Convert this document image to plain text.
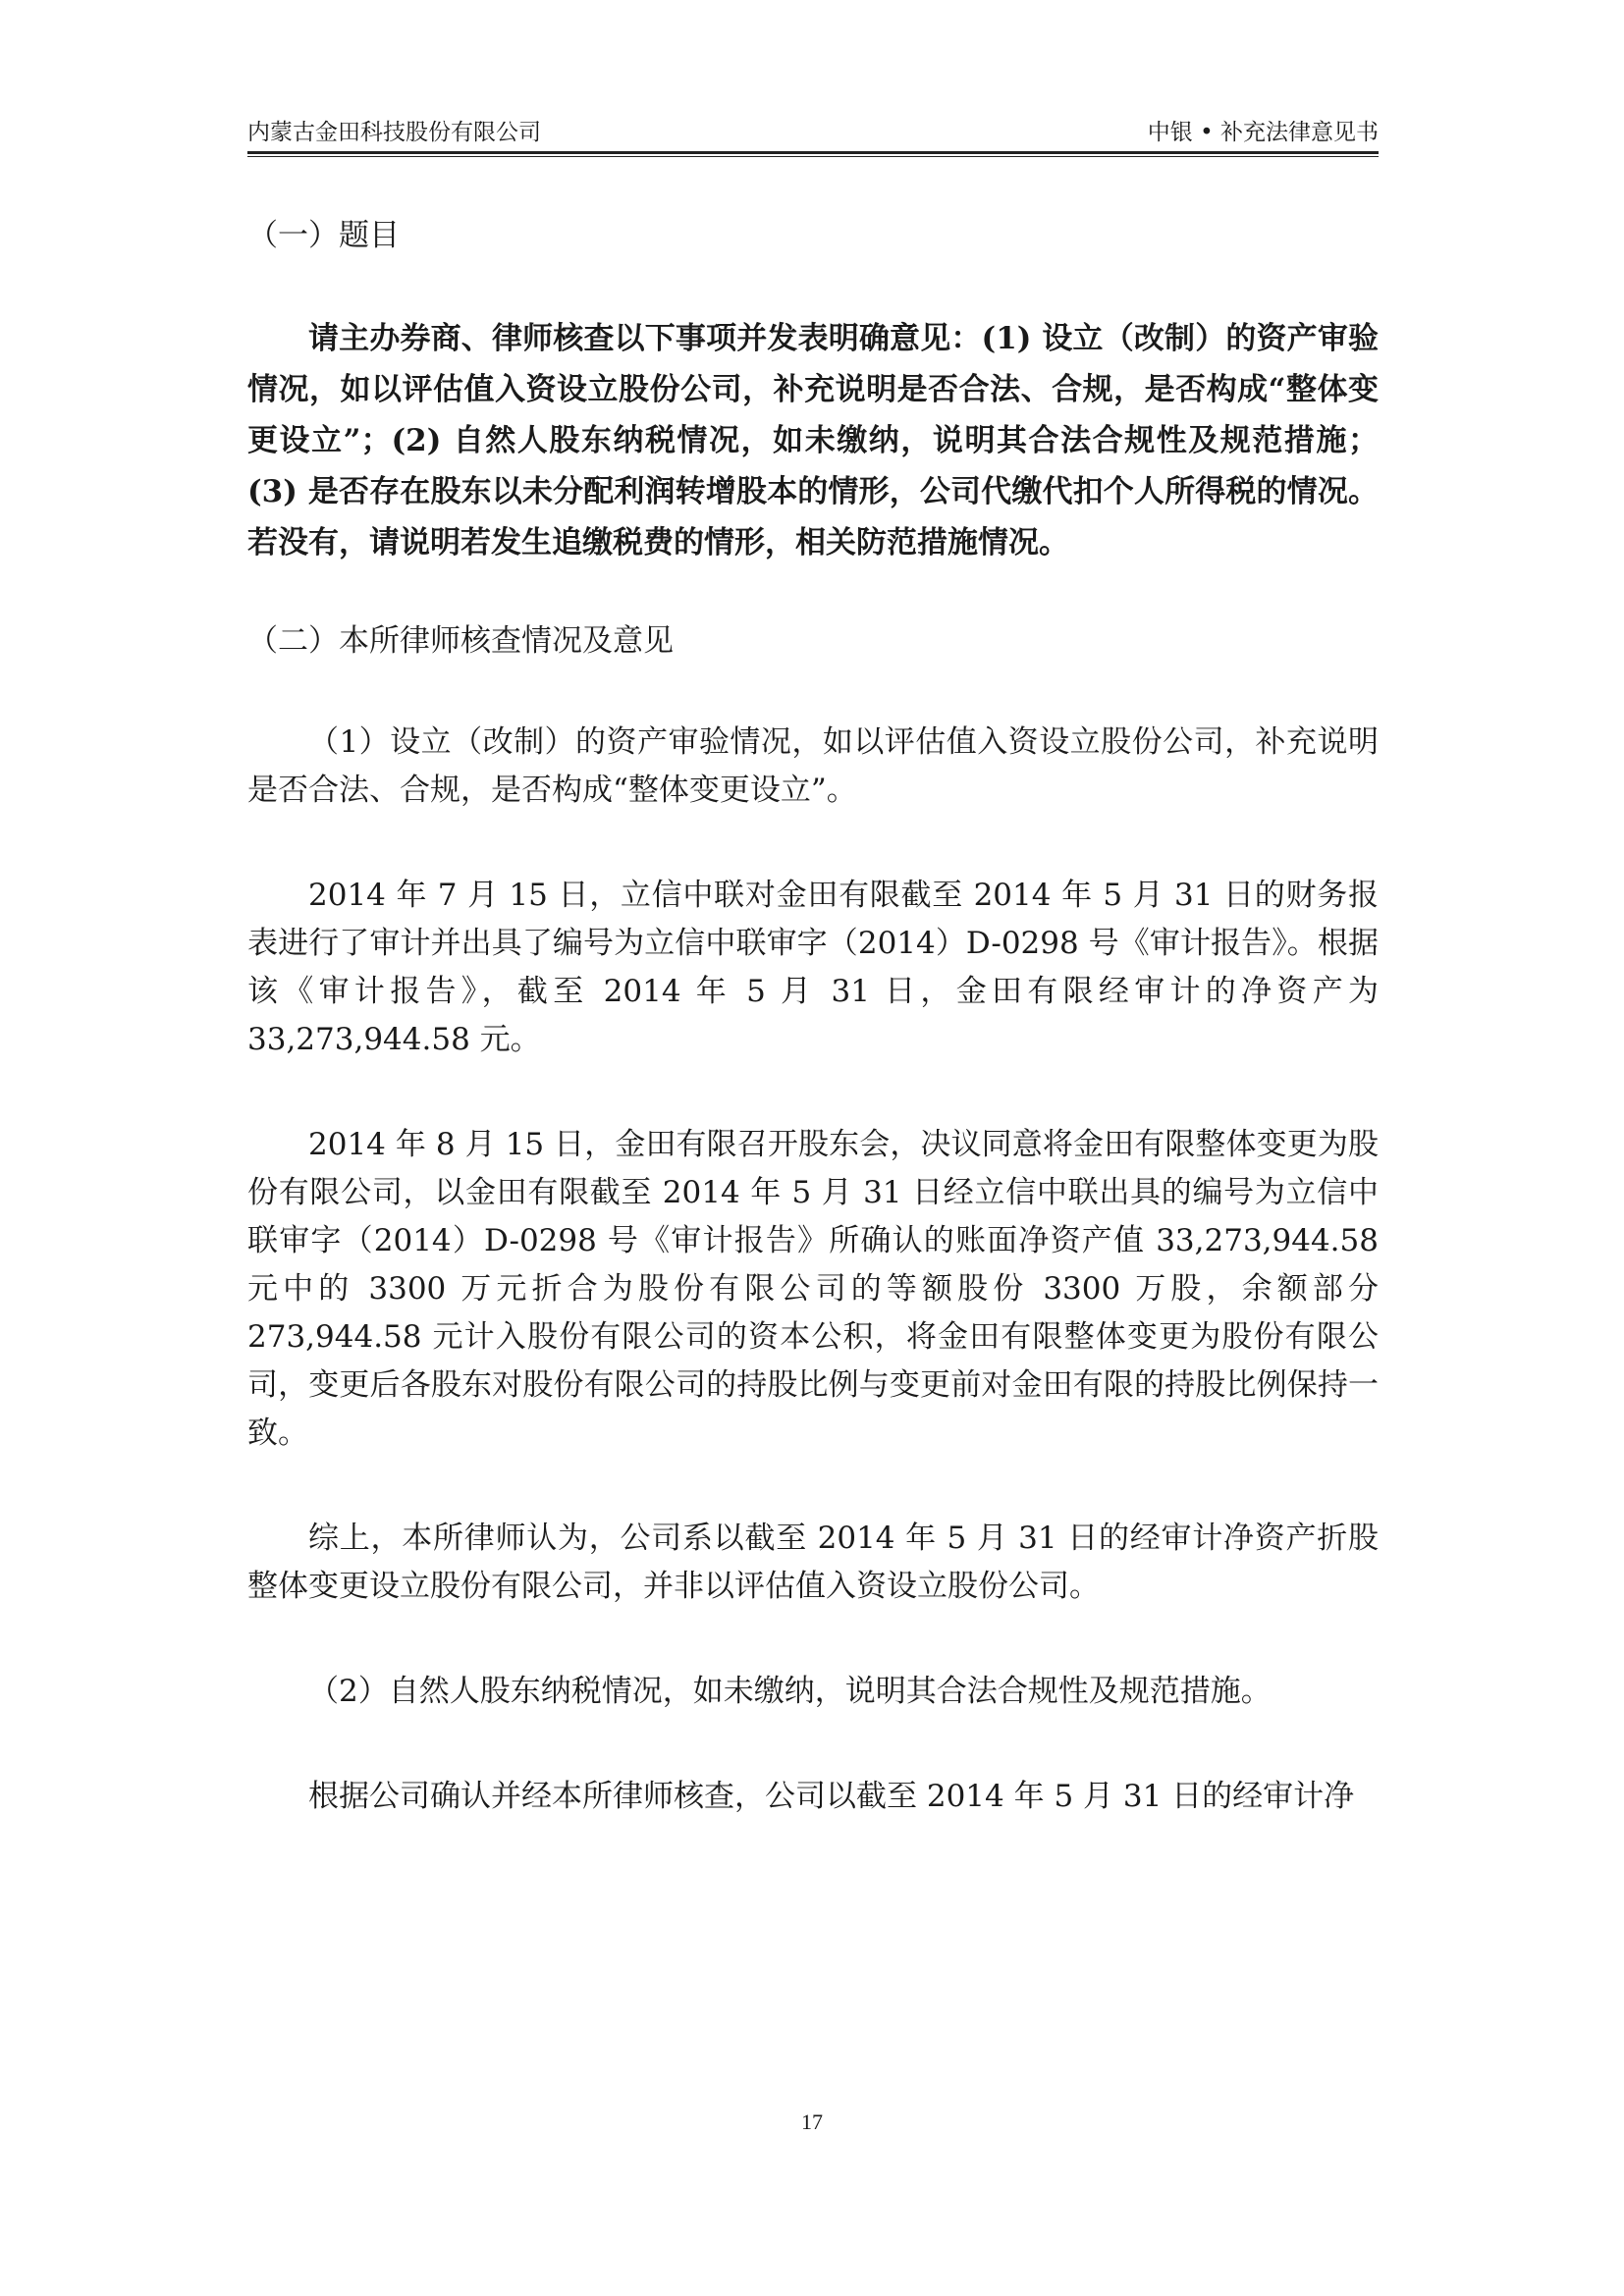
内蒙古金田科技股份有限公司	中银 • 补充法律意见书

（一）题目

请主办券商、律师核查以下事项并发表明确意见：(1) 设立（改制）的资产审验情况，如以评估值入资设立股份公司，补充说明是否合法、合规，是否构成“整体变更设立”；(2) 自然人股东纳税情况，如未缴纳，说明其合法合规性及规范措施；(3) 是否存在股东以未分配利润转增股本的情形，公司代缴代扣个人所得税的情况。若没有，请说明若发生追缴税费的情形，相关防范措施情况。

（二）本所律师核查情况及意见

（1）设立（改制）的资产审验情况，如以评估值入资设立股份公司，补充说明是否合法、合规，是否构成“整体变更设立”。

2014 年 7 月 15 日，立信中联对金田有限截至 2014 年 5 月 31 日的财务报表进行了审计并出具了编号为立信中联审字（2014）D-0298 号《审计报告》。根据该《审计报告》，截至 2014 年 5 月 31 日，金田有限经审计的净资产为 33,273,944.58 元。

2014 年 8 月 15 日，金田有限召开股东会，决议同意将金田有限整体变更为股份有限公司，以金田有限截至 2014 年 5 月 31 日经立信中联出具的编号为立信中联审字（2014）D-0298 号《审计报告》所确认的账面净资产值 33,273,944.58 元中的 3300 万元折合为股份有限公司的等额股份 3300 万股，余额部分 273,944.58 元计入股份有限公司的资本公积，将金田有限整体变更为股份有限公司，变更后各股东对股份有限公司的持股比例与变更前对金田有限的持股比例保持一致。

综上，本所律师认为，公司系以截至 2014 年 5 月 31 日的经审计净资产折股整体变更设立股份有限公司，并非以评估值入资设立股份公司。

（2）自然人股东纳税情况，如未缴纳，说明其合法合规性及规范措施。

根据公司确认并经本所律师核查，公司以截至 2014 年 5 月 31 日的经审计净

17
